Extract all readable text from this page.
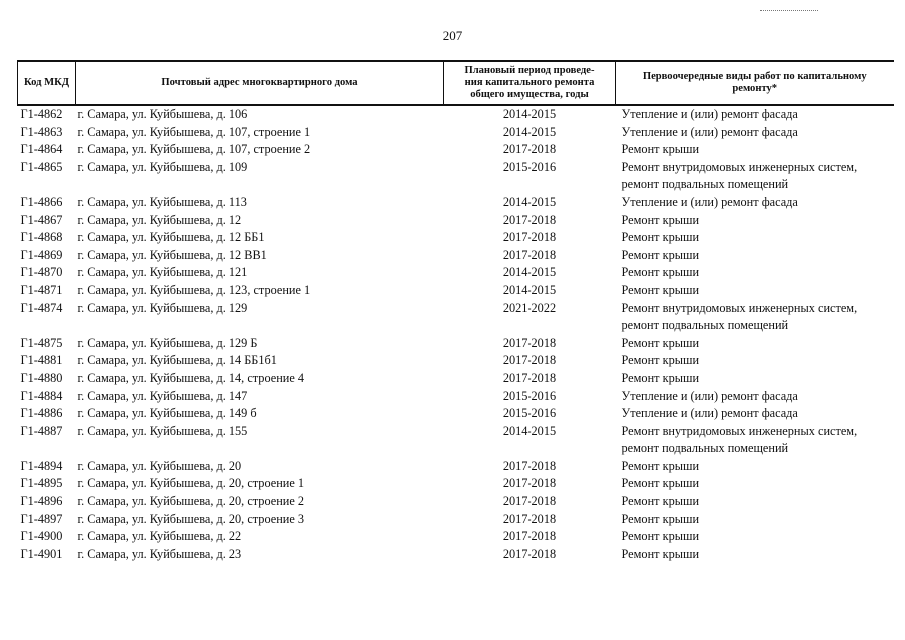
207
Код МКД	Почтовый адрес многоквартирного дома	Плановый период проведе-
ния капитального ремонта
общего имущества, годы	Первоочередные виды работ по капитальному
ремонту*
Г1-4862	г. Самара, ул. Куйбышева, д. 106	2014-2015	Утепление и (или) ремонт фасада

Г1-4863	г. Самара, ул. Куйбышева, д. 107, строение 1	2014-2015	Утепление и (или) ремонт фасада

Г1-4864	г. Самара, ул. Куйбышева, д. 107, строение 2	2017-2018	Ремонт крыши

Г1-4865	г. Самара, ул. Куйбышева, д. 109	2015-2016	Ремонт внутридомовых инженерных систем,
ремонт подвальных помещений

Г1-4866	г. Самара, ул. Куйбышева, д. 113	2014-2015	Утепление и (или) ремонт фасада

Г1-4867	г. Самара, ул. Куйбышева, д. 12	2017-2018	Ремонт крыши

Г1-4868	г. Самара, ул. Куйбышева, д. 12 ББ1	2017-2018	Ремонт крыши

Г1-4869	г. Самара, ул. Куйбышева, д. 12 ВВ1	2017-2018	Ремонт крыши

Г1-4870	г. Самара, ул. Куйбышева, д. 121	2014-2015	Ремонт крыши

Г1-4871	г. Самара, ул. Куйбышева, д. 123, строение 1	2014-2015	Ремонт крыши

Г1-4874	г. Самара, ул. Куйбышева, д. 129	2021-2022	Ремонт внутридомовых инженерных систем,
ремонт подвальных помещений

Г1-4875	г. Самара, ул. Куйбышева, д. 129 Б	2017-2018	Ремонт крыши

Г1-4881	г. Самара, ул. Куйбышева, д. 14 ББ1б1	2017-2018	Ремонт крыши

Г1-4880	г. Самара, ул. Куйбышева, д. 14, строение 4	2017-2018	Ремонт крыши

Г1-4884	г. Самара, ул. Куйбышева, д. 147	2015-2016	Утепление и (или) ремонт фасада

Г1-4886	г. Самара, ул. Куйбышева, д. 149 б	2015-2016	Утепление и (или) ремонт фасада

Г1-4887	г. Самара, ул. Куйбышева, д. 155	2014-2015	Ремонт внутридомовых инженерных систем,
ремонт подвальных помещений

Г1-4894	г. Самара, ул. Куйбышева, д. 20	2017-2018	Ремонт крыши

Г1-4895	г. Самара, ул. Куйбышева, д. 20, строение 1	2017-2018	Ремонт крыши

Г1-4896	г. Самара, ул. Куйбышева, д. 20, строение 2	2017-2018	Ремонт крыши

Г1-4897	г. Самара, ул. Куйбышева, д. 20, строение 3	2017-2018	Ремонт крыши

Г1-4900	г. Самара, ул. Куйбышева, д. 22	2017-2018	Ремонт крыши

Г1-4901	г. Самара, ул. Куйбышева, д. 23	2017-2018	Ремонт крыши
